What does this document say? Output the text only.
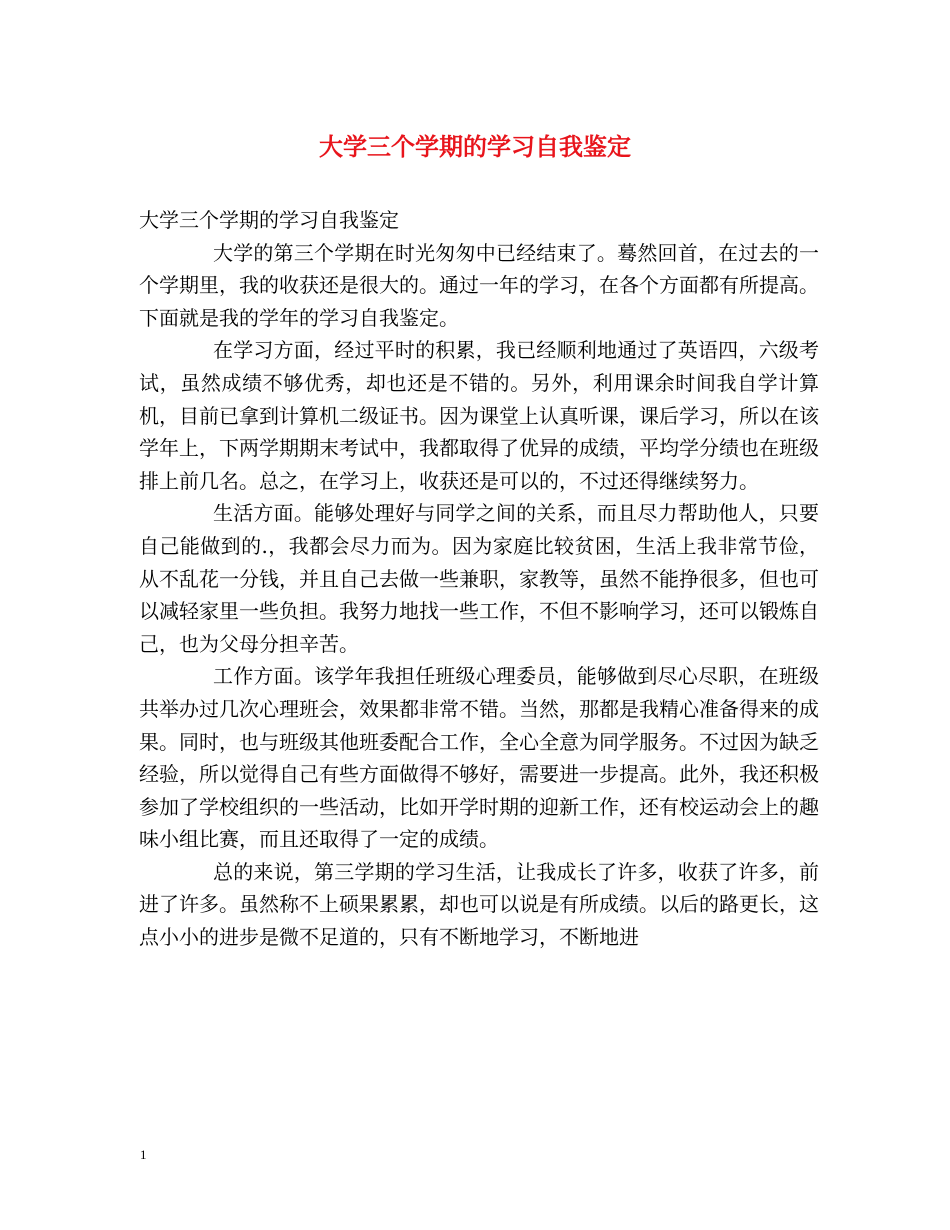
大学三个学期的学习自我鉴定

大学三个学期的学习自我鉴定

大学的第三个学期在时光匆匆中已经结束了。蓦然回首，在过去的一个学期里，我的收获还是很大的。通过一年的学习，在各个方面都有所提高。下面就是我的学年的学习自我鉴定。

在学习方面，经过平时的积累，我已经顺利地通过了英语四，六级考试，虽然成绩不够优秀，却也还是不错的。另外，利用课余时间我自学计算机，目前已拿到计算机二级证书。因为课堂上认真听课，课后学习，所以在该学年上，下两学期期末考试中，我都取得了优异的成绩，平均学分绩也在班级排上前几名。总之，在学习上，收获还是可以的，不过还得继续努力。

生活方面。能够处理好与同学之间的关系，而且尽力帮助他人，只要自己能做到的.，我都会尽力而为。因为家庭比较贫困，生活上我非常节俭，从不乱花一分钱，并且自己去做一些兼职，家教等，虽然不能挣很多，但也可以减轻家里一些负担。我努力地找一些工作，不但不影响学习，还可以锻炼自己，也为父母分担辛苦。

工作方面。该学年我担任班级心理委员，能够做到尽心尽职，在班级共举办过几次心理班会，效果都非常不错。当然，那都是我精心准备得来的成果。同时，也与班级其他班委配合工作，全心全意为同学服务。不过因为缺乏经验，所以觉得自己有些方面做得不够好，需要进一步提高。此外，我还积极参加了学校组织的一些活动，比如开学时期的迎新工作，还有校运动会上的趣味小组比赛，而且还取得了一定的成绩。

总的来说，第三学期的学习生活，让我成长了许多，收获了许多，前进了许多。虽然称不上硕果累累，却也可以说是有所成绩。以后的路更长，这点小小的进步是微不足道的，只有不断地学习，不断地进

1
